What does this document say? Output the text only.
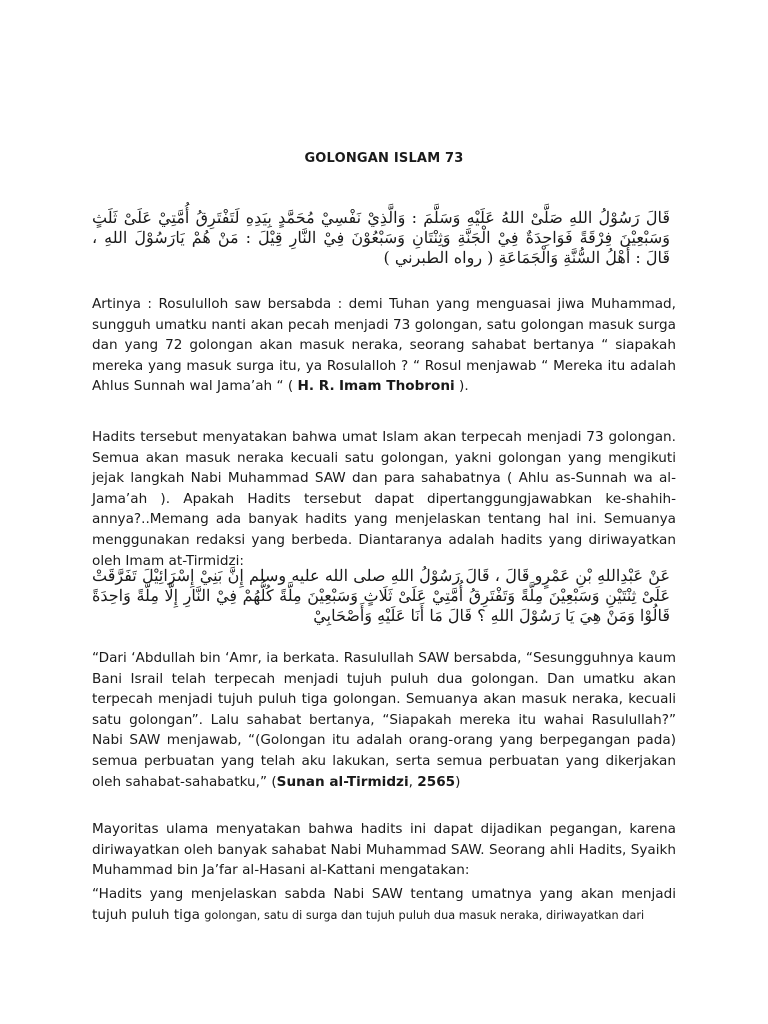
GOLONGAN ISLAM 73
قَالَ رَسُوْلُ اللهِ صَلَّىْ اللهُ عَلَيْهِ وَسَلَّمَ : وَالَّذِيْ نَفْسِيْ مُحَمَّدٍ بِيَدِهِ لَتَفْتَرِقُ أُمَّتِيْ عَلَىْ ثَلَثٍ وَسَبْعِيْنَ فِرْقَةً فَوَاحِدَةٌ فِيْ الْجَنَّةِ وَثِنْتَانِ وَسَبْعُوْنَ فِيْ النَّارِ قِيْلَ : مَنْ هُمْ يَارَسُوْلَ اللهِ ، قَالَ : أَهْلُ السُّنَّةِ وَالْجَمَاعَةِ ( رواه الطبرني )

Artinya : Rosululloh saw bersabda : demi Tuhan yang menguasai jiwa Muhammad, sungguh umatku nanti akan pecah menjadi 73 golongan, satu golongan masuk surga dan yang 72 golongan akan masuk neraka, seorang sahabat bertanya “ siapakah mereka yang masuk surga itu, ya Rosulalloh ? “ Rosul menjawab “ Mereka itu adalah Ahlus Sunnah wal Jama’ah “ ( H. R. Imam Thobroni ).

Hadits tersebut menyatakan bahwa umat Islam akan terpecah menjadi 73 golongan. Semua akan masuk neraka kecuali satu golongan, yakni golongan yang mengikuti jejak langkah Nabi Muhammad SAW dan para sahabatnya ( Ahlu as-Sunnah wa al-Jama’ah ). Apakah Hadits tersebut dapat dipertanggungjawabkan ke-shahih-annya?..Memang ada banyak hadits yang menjelaskan tentang hal ini. Semuanya menggunakan redaksi yang berbeda. Diantaranya adalah hadits yang diriwayatkan oleh Imam at-Tirmidzi:

عَنْ عَبْدِاللهِ بْنِ عَمْرٍو قَالَ ، قَالَ رَسُوْلُ اللهِ صلى الله عليه وسلم إِنَّ بَنِيْ إِسْرَائِيْلَ تَفَرَّقَتْ عَلَىْ ثِنْتَيْنِ وَسَبْعِيْنَ مِلَّةً وَتَفْتَرِقُ أُمَّتِيْ عَلَىْ ثَلَاثٍ وَسَبْعِيْنَ مِلَّةً كُلُّهُمْ فِيْ النَّارِ إِلَّا مِلَّةً وَاحِدَةً قَالُوْا وَمَنْ هِيَ يَا رَسُوْلَ اللهِ ؟ قَالَ مَا أَنَا عَلَيْهِ وَأَصْحَابِيْ

“Dari ‘Abdullah bin ‘Amr, ia berkata. Rasulullah SAW bersabda, “Sesungguhnya kaum Bani Israil telah terpecah menjadi tujuh puluh dua golongan. Dan umatku akan terpecah menjadi tujuh puluh tiga golongan. Semuanya akan masuk neraka, kecuali satu golongan”. Lalu sahabat bertanya, “Siapakah mereka itu wahai Rasulullah?” Nabi SAW menjawab, “(Golongan itu adalah orang-orang yang berpegangan pada) semua perbuatan yang telah aku lakukan, serta semua perbuatan yang dikerjakan oleh sahabat-sahabatku,” (Sunan al-Tirmidzi, 2565)

Mayoritas ulama menyatakan bahwa hadits ini dapat dijadikan pegangan, karena diriwayatkan oleh banyak sahabat Nabi Muhammad SAW. Seorang ahli Hadits, Syaikh Muhammad bin Ja’far al-Hasani al-Kattani mengatakan:

“Hadits yang menjelaskan sabda Nabi SAW tentang umatnya yang akan menjadi tujuh puluh tiga golongan, satu di surga dan tujuh puluh dua masuk neraka, diriwayatkan dari
